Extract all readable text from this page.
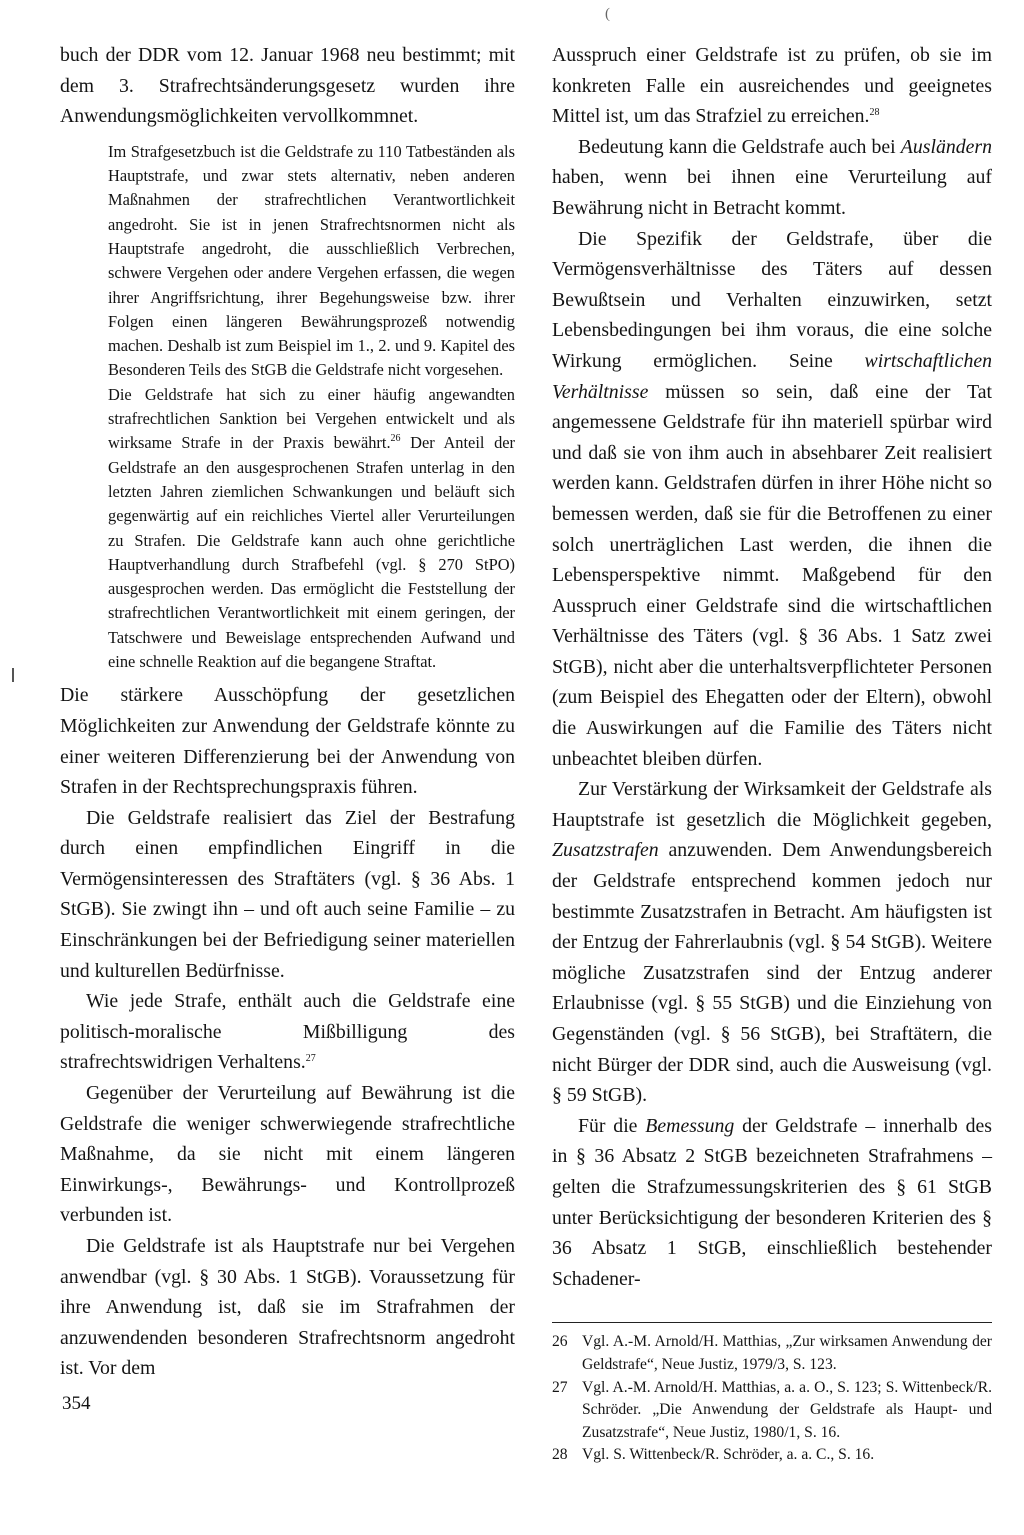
(

buch der DDR vom 12. Januar 1968 neu bestimmt; mit dem 3. Strafrechtsänderungsgesetz wurden ihre Anwendungsmöglichkeiten vervollkommnet.

Im Strafgesetzbuch ist die Geldstrafe zu 110 Tatbeständen als Hauptstrafe, und zwar stets alternativ, neben anderen Maßnahmen der strafrechtlichen Verantwortlichkeit angedroht. Sie ist in jenen Strafrechtsnormen nicht als Hauptstrafe angedroht, die ausschließlich Verbrechen, schwere Vergehen oder andere Vergehen erfassen, die wegen ihrer Angriffsrichtung, ihrer Begehungsweise bzw. ihrer Folgen einen längeren Bewährungsprozeß notwendig machen. Deshalb ist zum Beispiel im 1., 2. und 9. Kapitel des Besonderen Teils des StGB die Geldstrafe nicht vorgesehen.
Die Geldstrafe hat sich zu einer häufig angewandten strafrechtlichen Sanktion bei Vergehen entwickelt und als wirksame Strafe in der Praxis bewährt.$^{26}$ Der Anteil der Geldstrafe an den ausgesprochenen Strafen unterlag in den letzten Jahren ziemlichen Schwankungen und beläuft sich gegenwärtig auf ein reichliches Viertel aller Verurteilungen zu Strafen. Die Geldstrafe kann auch ohne gerichtliche Hauptverhandlung durch Strafbefehl (vgl. § 270 StPO) ausgesprochen werden. Das ermöglicht die Feststellung der strafrechtlichen Verantwortlichkeit mit einem geringen, der Tatschwere und Beweislage entsprechenden Aufwand und eine schnelle Reaktion auf die begangene Straftat.

Die stärkere Ausschöpfung der gesetzlichen Möglichkeiten zur Anwendung der Geldstrafe könnte zu einer weiteren Differenzierung bei der Anwendung von Strafen in der Rechtsprechungspraxis führen.

Die Geldstrafe realisiert das Ziel der Bestrafung durch einen empfindlichen Eingriff in die Vermögensinteressen des Straftäters (vgl. § 36 Abs. 1 StGB). Sie zwingt ihn – und oft auch seine Familie – zu Einschränkungen bei der Befriedigung seiner materiellen und kulturellen Bedürfnisse.

Wie jede Strafe, enthält auch die Geldstrafe eine politisch-moralische Mißbilligung des strafrechtswidrigen Verhaltens.$^{27}$

Gegenüber der Verurteilung auf Bewährung ist die Geldstrafe die weniger schwerwiegende strafrechtliche Maßnahme, da sie nicht mit einem längeren Einwirkungs-, Bewährungs- und Kontrollprozeß verbunden ist.

Die Geldstrafe ist als Hauptstrafe nur bei Vergehen anwendbar (vgl. § 30 Abs. 1 StGB). Voraussetzung für ihre Anwendung ist, daß sie im Strafrahmen der anzuwendenden besonderen Strafrechtsnorm angedroht ist. Vor dem

Ausspruch einer Geldstrafe ist zu prüfen, ob sie im konkreten Falle ein ausreichendes und geeignetes Mittel ist, um das Strafziel zu erreichen.$^{28}$

Bedeutung kann die Geldstrafe auch bei Ausländern haben, wenn bei ihnen eine Verurteilung auf Bewährung nicht in Betracht kommt.

Die Spezifik der Geldstrafe, über die Vermögensverhältnisse des Täters auf dessen Bewußtsein und Verhalten einzuwirken, setzt Lebensbedingungen bei ihm voraus, die eine solche Wirkung ermöglichen. Seine wirtschaftlichen Verhältnisse müssen so sein, daß eine der Tat angemessene Geldstrafe für ihn materiell spürbar wird und daß sie von ihm auch in absehbarer Zeit realisiert werden kann. Geldstrafen dürfen in ihrer Höhe nicht so bemessen werden, daß sie für die Betroffenen zu einer solch unerträglichen Last werden, die ihnen die Lebensperspektive nimmt. Maßgebend für den Ausspruch einer Geldstrafe sind die wirtschaftlichen Verhältnisse des Täters (vgl. § 36 Abs. 1 Satz zwei StGB), nicht aber die unterhaltsverpflichteter Personen (zum Beispiel des Ehegatten oder der Eltern), obwohl die Auswirkungen auf die Familie des Täters nicht unbeachtet bleiben dürfen.

Zur Verstärkung der Wirksamkeit der Geldstrafe als Hauptstrafe ist gesetzlich die Möglichkeit gegeben, Zusatzstrafen anzuwenden. Dem Anwendungsbereich der Geldstrafe entsprechend kommen jedoch nur bestimmte Zusatzstrafen in Betracht. Am häufigsten ist der Entzug der Fahrerlaubnis (vgl. § 54 StGB). Weitere mögliche Zusatzstrafen sind der Entzug anderer Erlaubnisse (vgl. § 55 StGB) und die Einziehung von Gegenständen (vgl. § 56 StGB), bei Straftätern, die nicht Bürger der DDR sind, auch die Ausweisung (vgl. § 59 StGB).

Für die Bemessung der Geldstrafe – innerhalb des in § 36 Absatz 2 StGB bezeichneten Strafrahmens – gelten die Strafzumessungskriterien des § 61 StGB unter Berücksichtigung der besonderen Kriterien des § 36 Absatz 1 StGB, einschließlich bestehender Schadener-

26 Vgl. A.-M. Arnold/H. Matthias, „Zur wirksamen Anwendung der Geldstrafe“, Neue Justiz, 1979/3, S. 123.
27 Vgl. A.-M. Arnold/H. Matthias, a. a. O., S. 123; S. Wittenbeck/R. Schröder. „Die Anwendung der Geldstrafe als Haupt- und Zusatzstrafe“, Neue Justiz, 1980/1, S. 16.
28 Vgl. S. Wittenbeck/R. Schröder, a. a. C., S. 16.
354
